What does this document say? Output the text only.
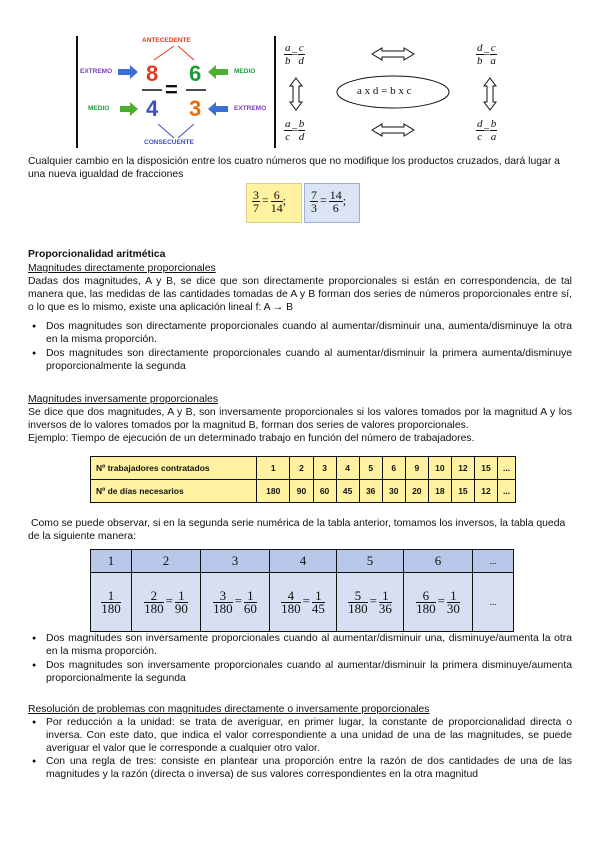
ANTECEDENTE
CONSECUENTE
EXTREMO	MEDIO
MEDIO	EXTREMO
8
4
=
6
3
$\frac{a}{b} = \frac{c}{d}$	$\frac{d}{b} = \frac{c}{a}$
$\frac{a}{c} = \frac{b}{d}$	$\frac{d}{c} = \frac{b}{a}$
a x d = b x c

Cualquier cambio en la disposición entre los cuatro números que no modifique los productos cruzados, dará lugar a una nueva igualdad de fracciones

$\frac{3}{7} = \frac{6}{14}$ ; $\frac{7}{3} = \frac{14}{6}$ ;

Proporcionalidad aritmética

Magnitudes directamente proporcionales

Dadas dos magnitudes, A y B, se dice que son directamente proporcionales si están en correspondencia, de tal manera que, las medidas de las cantidades tomadas de A y B forman dos series de números proporcionales entre sí, o lo que es lo mismo, existe una aplicación lineal f: A → B

● Dos magnitudes son directamente proporcionales cuando al aumentar/disminuir una, aumenta/disminuye la otra en la misma proporción.
● Dos magnitudes son directamente proporcionales cuando al aumentar/disminuir la primera aumenta/disminuye proporcionalmente la segunda

Magnitudes inversamente proporcionales

Se dice que dos magnitudes, A y B, son inversamente proporcionales si los valores tomados por la magnitud A y los inversos de lo valores tomados por la magnitud B, forman dos series de valores proporcionales.

Ejemplo: Tiempo de ejecución de un determinado trabajo en función del número de trabajadores.

Nº trabajadores contratados	1	2	3	4	5	6	9	10	12	15	...
Nº de días necesarios	180	90	60	45	36	30	20	18	15	12	...

Como se puede observar, si en la segunda serie numérica de la tabla anterior, tomamos los inversos, la tabla queda de la siguiente manera:

1	2	3	4	5	6	...

$\frac{1}{180}$	$\frac{2}{180} = \frac{1}{90}$	$\frac{3}{180} = \frac{1}{60}$	$\frac{4}{180} = \frac{1}{45}$	$\frac{5}{180} = \frac{1}{36}$	$\frac{6}{180} = \frac{1}{30}$	...
● Dos magnitudes son inversamente proporcionales cuando al aumentar/disminuir una, disminuye/aumenta la otra en la misma proporción.
● Dos magnitudes son inversamente proporcionales cuando al aumentar/disminuir la primera disminuye/aumenta proporcionalmente la segunda

Resolución de problemas con magnitudes directamente o inversamente proporcionales

● Por reducción a la unidad: se trata de averiguar, en primer lugar, la constante de proporcionalidad directa o inversa. Con este dato, que indica el valor correspondiente a una unidad de una de las magnitudes, se puede averiguar el valor que le corresponde a cualquier otro valor.
● Con una regla de tres: consiste en plantear una proporción entre la razón de dos cantidades de una de las magnitudes y la razón (directa o inversa) de sus valores correspondientes en la otra magnitud
